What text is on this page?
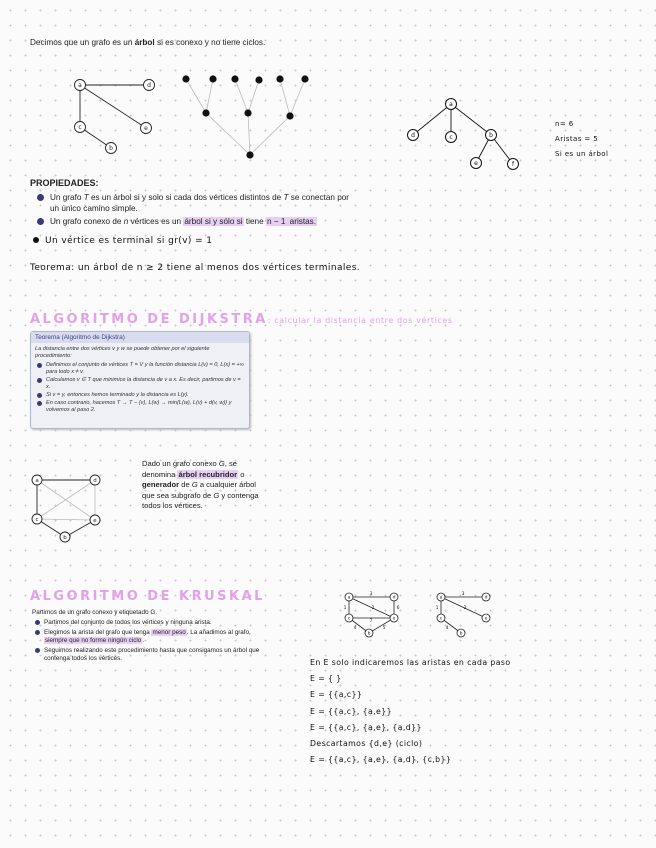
Decimos que un grafo es un árbol si es conexo y no tiene ciclos.
a	d
c	e
b
a
d	c	b
e	f
n= 6
Aristas = 5
Si es un árbol
PROPIEDADES:
Un grafo T es un árbol si y solo si cada dos vértices distintos de T se conectan por un único camino simple.
Un grafo conexo de n vértices es un árbol si y sólo si tiene n − 1 aristas.
Un vértice es terminal si gr(v) = 1
Teorema: un árbol de n ≥ 2 tiene al menos dos vértices terminales.
ALGORITMO DE DIJKSTRA: calcular la distancia entre dos vértices
Teorema (Algoritmo de Dijkstra)
La distancia entre dos vértices v y w se puede obtener por el siguiente procedimiento:
Definimos el conjunto de vértices T = V y la función distancia L(v) = 0, L(x) = +∞ para todo x ≠ v.
Calculamos v ∈ T que minimice la distancia de v a x. Es decir, partimos de v = x.
Si v = y, entonces hemos terminado y la distancia es L(y).
En caso contrario, hacemos T → T − {v}, L(w) → min{L(w), L(v) + d(v, w)} y volvemos al paso 2.
a	d
c	e
b
Dado un grafo conexo G, se denomina árbol recubridor o generador de G a cualquier árbol que sea subgrafo de G y contenga todos los vértices.
ALGORITMO DE KRUSKAL
Partimos de un grafo conexo y etiquetado G.
Partimos del conjunto de todos los vértices y ninguna arista.
Elegimos la arista del grafo que tenga menor peso. La añadimos al grafo, siempre que no forme ningún ciclo.
Seguimos realizando este procedimiento hasta que consigamos un árbol que contenga todos los vértices.
a	d
c	e
b
3
1	2	6
7
4	5
a	d
c	e
b
3
1	2
4
En E solo indicaremos las aristas en cada paso
E = { }
E = {{a,c}}
E = {{a,c}, {a,e}}
E = {{a,c}, {a,e}, {a,d}}
Descartamos {d,e} (ciclo)
E = {{a,c}, {a,e}, {a,d}, {c,b}}
